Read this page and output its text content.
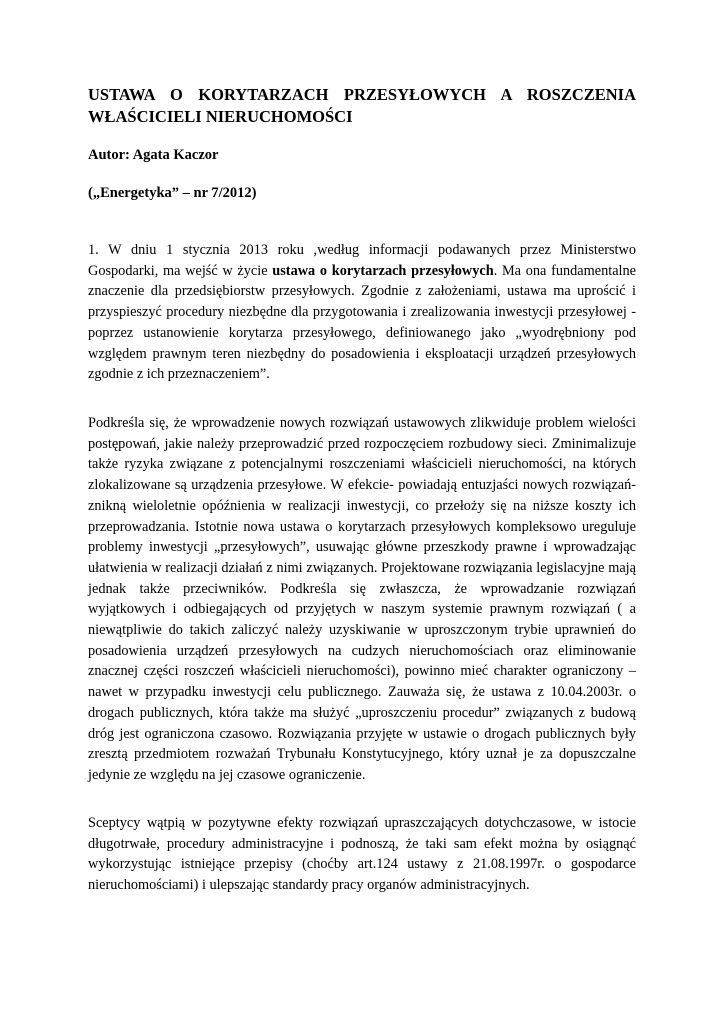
USTAWA O KORYTARZACH PRZESYŁOWYCH A ROSZCZENIA WŁAŚCICIELI NIERUCHOMOŚCI

Autor: Agata Kaczor

(„Energetyka” – nr 7/2012)

1. W dniu 1 stycznia 2013 roku ,według informacji podawanych przez Ministerstwo Gospodarki, ma wejść w życie ustawa o korytarzach przesyłowych. Ma ona fundamentalne znaczenie dla przedsiębiorstw przesyłowych. Zgodnie z założeniami, ustawa ma uprościć i przyspieszyć procedury niezbędne dla przygotowania i zrealizowania inwestycji przesyłowej - poprzez ustanowienie korytarza przesyłowego, definiowanego jako „wyodrębniony pod względem prawnym teren niezbędny do posadowienia i eksploatacji urządzeń przesyłowych zgodnie z ich przeznaczeniem”.

Podkreśla się, że wprowadzenie nowych rozwiązań ustawowych zlikwiduje problem wielości postępowań, jakie należy przeprowadzić przed rozpoczęciem rozbudowy sieci. Zminimalizuje także ryzyka związane z potencjalnymi roszczeniami właścicieli nieruchomości, na których zlokalizowane są urządzenia przesyłowe. W efekcie- powiadają entuzjaści nowych rozwiązań- znikną wieloletnie opóźnienia w realizacji inwestycji, co przełoży się na niższe koszty ich przeprowadzania. Istotnie nowa ustawa o korytarzach przesyłowych kompleksowo ureguluje problemy inwestycji „przesyłowych”, usuwając główne przeszkody prawne i wprowadzając ułatwienia w realizacji działań z nimi związanych. Projektowane rozwiązania legislacyjne mają jednak także przeciwników. Podkreśla się zwłaszcza, że wprowadzanie rozwiązań wyjątkowych i odbiegających od przyjętych w naszym systemie prawnym rozwiązań ( a niewątpliwie do takich zaliczyć należy uzyskiwanie w uproszczonym trybie uprawnień do posadowienia urządzeń przesyłowych na cudzych nieruchomościach oraz eliminowanie znacznej części roszczeń właścicieli nieruchomości), powinno mieć charakter ograniczony – nawet w przypadku inwestycji celu publicznego. Zauważa się, że ustawa z 10.04.2003r. o drogach publicznych, która także ma służyć „uproszczeniu procedur” związanych z budową dróg jest ograniczona czasowo. Rozwiązania przyjęte w ustawie o drogach publicznych były zresztą przedmiotem rozważań Trybunału Konstytucyjnego, który uznał je za dopuszczalne jedynie ze względu na jej czasowe ograniczenie.

Sceptycy wątpią w pozytywne efekty rozwiązań upraszczających dotychczasowe, w istocie długotrwałe, procedury administracyjne i podnoszą, że taki sam efekt można by osiągnąć wykorzystując istniejące przepisy (choćby art.124 ustawy z 21.08.1997r. o gospodarce nieruchomościami) i ulepszając standardy pracy organów administracyjnych.
